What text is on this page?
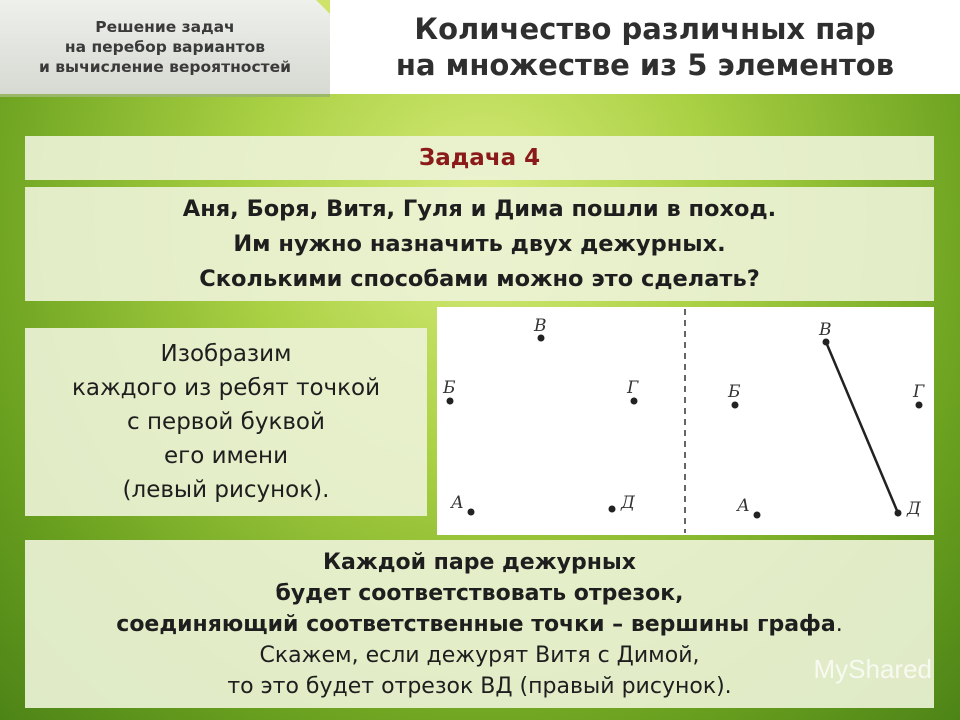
Решение задач
на перебор вариантов
и вычисление вероятностей
Количество различных пар
на множестве из 5 элементов
Задача 4
Аня, Боря, Витя, Гуля и Дима пошли в поход.
Им нужно назначить двух дежурных.
Сколькими способами можно это сделать?
Изобразим
каждого из ребят точкой
с первой буквой
его имени
(левый рисунок).
В
Б	Г
А	Д
В
Б	Г
А	Д
Каждой паре дежурных
будет соответствовать отрезок,
соединяющий соответственные точки – вершины графа.
Скажем, если дежурят Витя с Димой,
то это будет отрезок ВД (правый рисунок).
MyShared
